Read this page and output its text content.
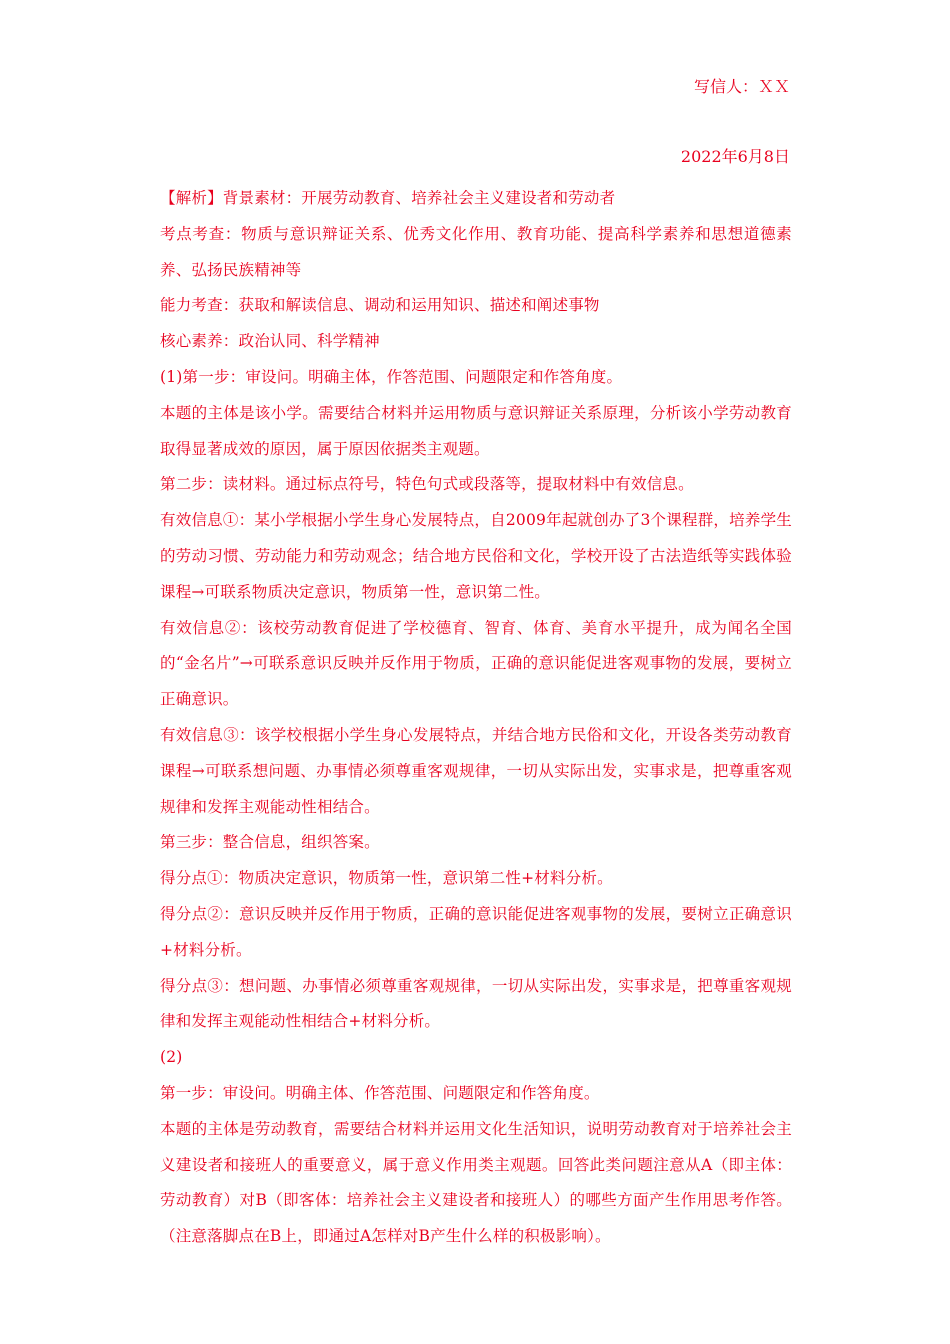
写信人：ＸＸ
2022年6月8日

【解析】背景素材：开展劳动教育、培养社会主义建设者和劳动者

考点考查：物质与意识辩证关系、优秀文化作用、教育功能、提高科学素养和思想道德素养、弘扬民族精神等

能力考查：获取和解读信息、调动和运用知识、描述和阐述事物

核心素养：政治认同、科学精神

(1)第一步：审设问。明确主体，作答范围、问题限定和作答角度。

本题的主体是该小学。需要结合材料并运用物质与意识辩证关系原理，分析该小学劳动教育取得显著成效的原因，属于原因依据类主观题。

第二步：读材料。通过标点符号，特色句式或段落等，提取材料中有效信息。

有效信息①：某小学根据小学生身心发展特点，自2009年起就创办了3个课程群，培养学生的劳动习惯、劳动能力和劳动观念；结合地方民俗和文化，学校开设了古法造纸等实践体验课程→可联系物质决定意识，物质第一性，意识第二性。

有效信息②：该校劳动教育促进了学校德育、智育、体育、美育水平提升，成为闻名全国的“金名片”→可联系意识反映并反作用于物质，正确的意识能促进客观事物的发展，要树立正确意识。

有效信息③：该学校根据小学生身心发展特点，并结合地方民俗和文化，开设各类劳动教育课程→可联系想问题、办事情必须尊重客观规律，一切从实际出发，实事求是，把尊重客观规律和发挥主观能动性相结合。

第三步：整合信息，组织答案。

得分点①：物质决定意识，物质第一性，意识第二性+材料分析。

得分点②：意识反映并反作用于物质，正确的意识能促进客观事物的发展，要树立正确意识+材料分析。

得分点③：想问题、办事情必须尊重客观规律，一切从实际出发，实事求是，把尊重客观规律和发挥主观能动性相结合+材料分析。

(2)

第一步：审设问。明确主体、作答范围、问题限定和作答角度。

本题的主体是劳动教育，需要结合材料并运用文化生活知识，说明劳动教育对于培养社会主义建设者和接班人的重要意义，属于意义作用类主观题。回答此类问题注意从A（即主体：劳动教育）对B（即客体：培养社会主义建设者和接班人）的哪些方面产生作用思考作答。（注意落脚点在B上，即通过A怎样对B产生什么样的积极影响）。
